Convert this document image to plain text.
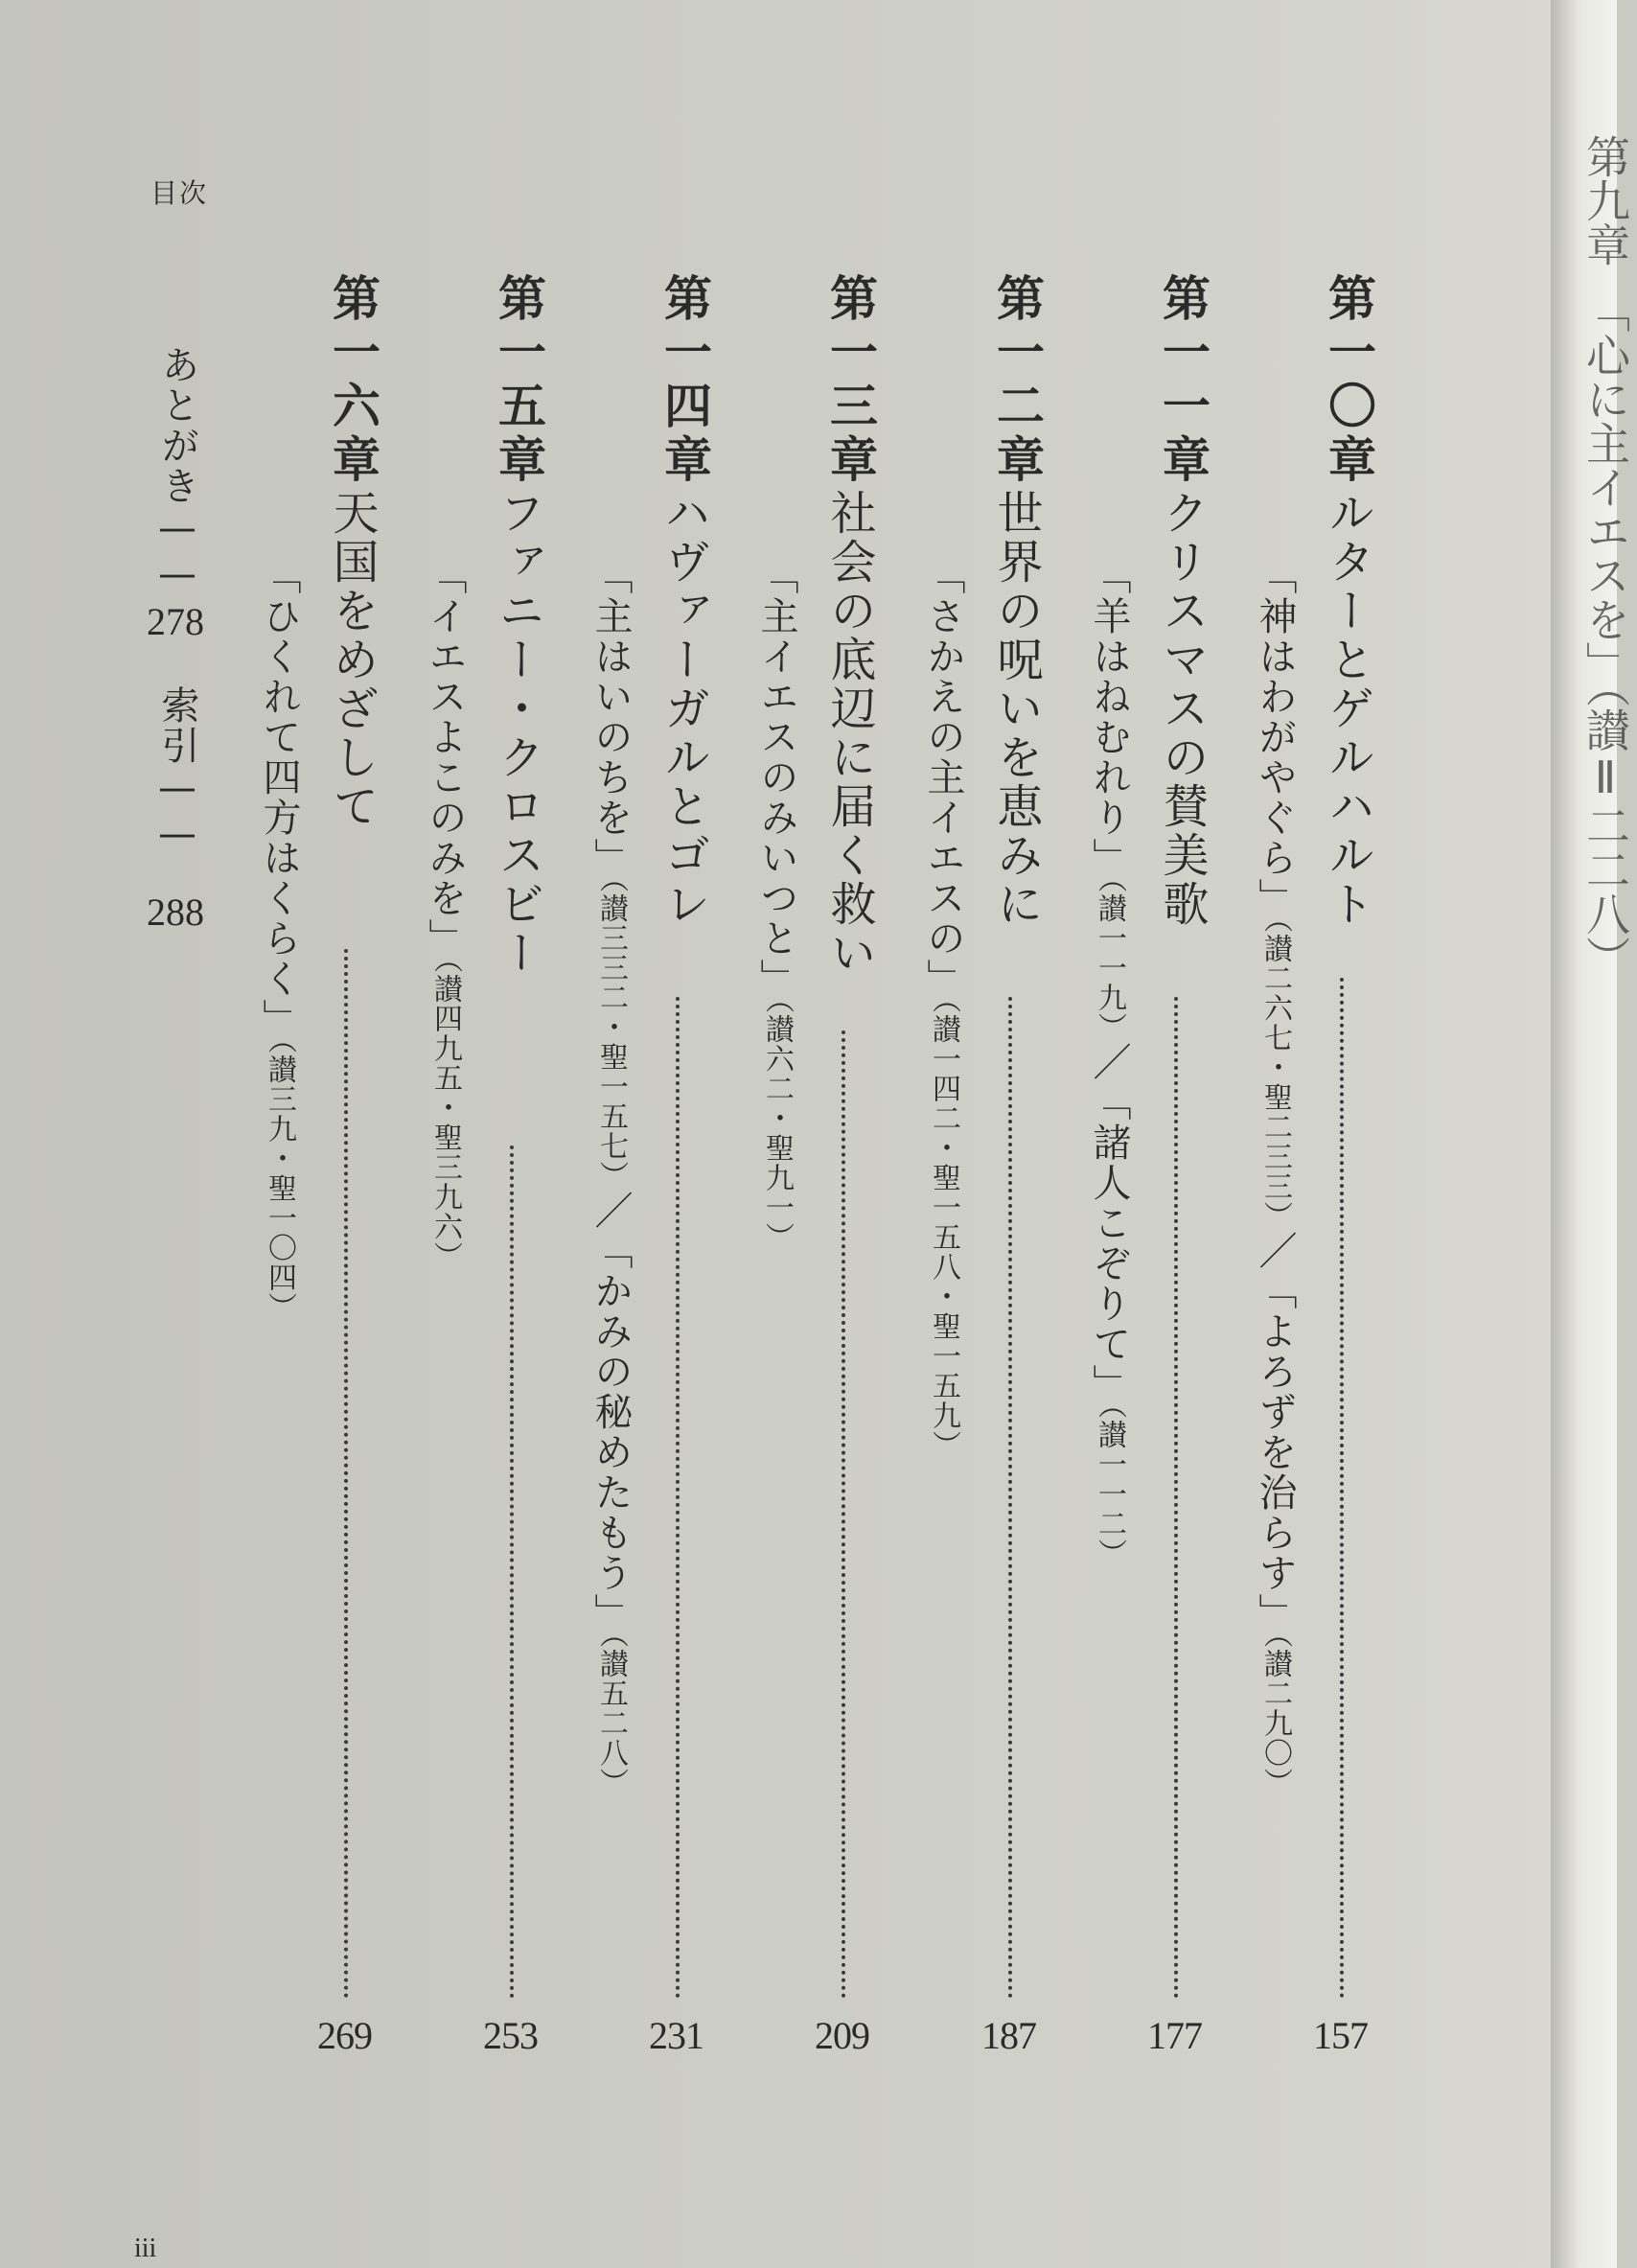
目次
第一〇章
ルターとゲルハルト
「神はわがやぐら」（讃二六七・聖二三三）／「よろずを治らす」（讃二九〇）
157
第一一章
クリスマスの賛美歌
「羊はねむれり」（讃一一九）／「諸人こぞりて」（讃一一二）
177
第一二章
世界の呪いを恵みに
「さかえの主イエスの」（讃一四二・聖一五八・聖一五九）
187
第一三章
社会の底辺に届く救い
「主イエスのみいつと」（讃六二・聖九一）
209
第一四章
ハヴァーガルとゴレ
「主はいのちを」（讃三三二・聖一五七）／「かみの秘めたもう」（讃五二八）
231
第一五章
ファニー・クロスビー
「イエスよこのみを」（讃四九五・聖三九六）
253
第一六章
天国をめざして
「ひくれて四方はくらく」（讃三九・聖一〇四）
269
あとがき——
278
索引——
288	第九章　「心に主イエスを」（讃Ⅱ二二八）
iii
